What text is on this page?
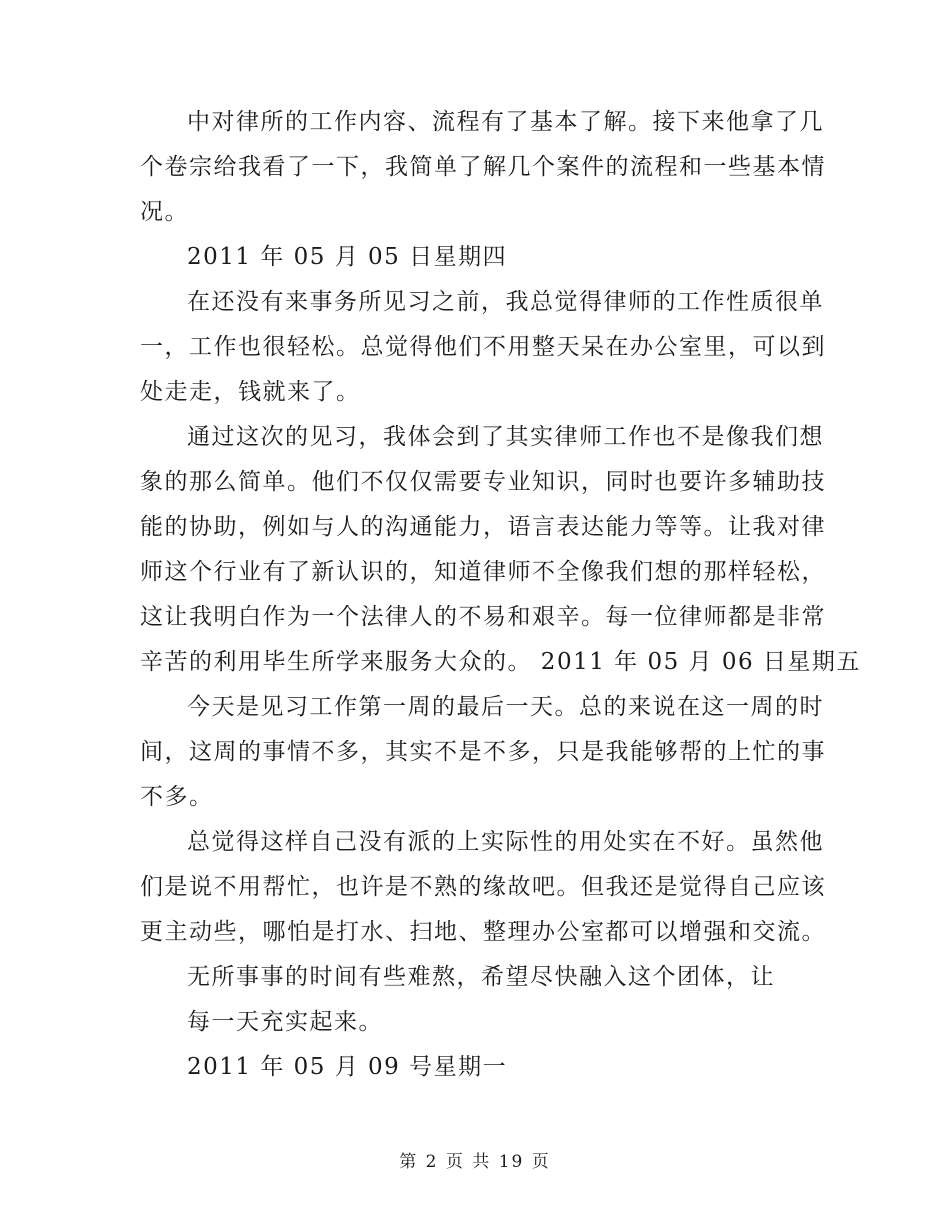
中对律所的工作内容、流程有了基本了解。接下来他拿了几
个卷宗给我看了一下，我简单了解几个案件的流程和一些基本情
况。
2011 年 05 月 05 日星期四
在还没有来事务所见习之前，我总觉得律师的工作性质很单
一，工作也很轻松。总觉得他们不用整天呆在办公室里，可以到
处走走，钱就来了。
通过这次的见习，我体会到了其实律师工作也不是像我们想
象的那么简单。他们不仅仅需要专业知识，同时也要许多辅助技
能的协助，例如与人的沟通能力，语言表达能力等等。让我对律
师这个行业有了新认识的，知道律师不全像我们想的那样轻松，
这让我明白作为一个法律人的不易和艰辛。每一位律师都是非常
辛苦的利用毕生所学来服务大众的。 2011 年 05 月 06 日星期五
今天是见习工作第一周的最后一天。总的来说在这一周的时
间，这周的事情不多，其实不是不多，只是我能够帮的上忙的事
不多。
总觉得这样自己没有派的上实际性的用处实在不好。虽然他
们是说不用帮忙，也许是不熟的缘故吧。但我还是觉得自己应该
更主动些，哪怕是打水、扫地、整理办公室都可以增强和交流。
无所事事的时间有些难熬，希望尽快融入这个团体，让
每一天充实起来。
2011 年 05 月 09 号星期一
第 2 页 共 19 页
